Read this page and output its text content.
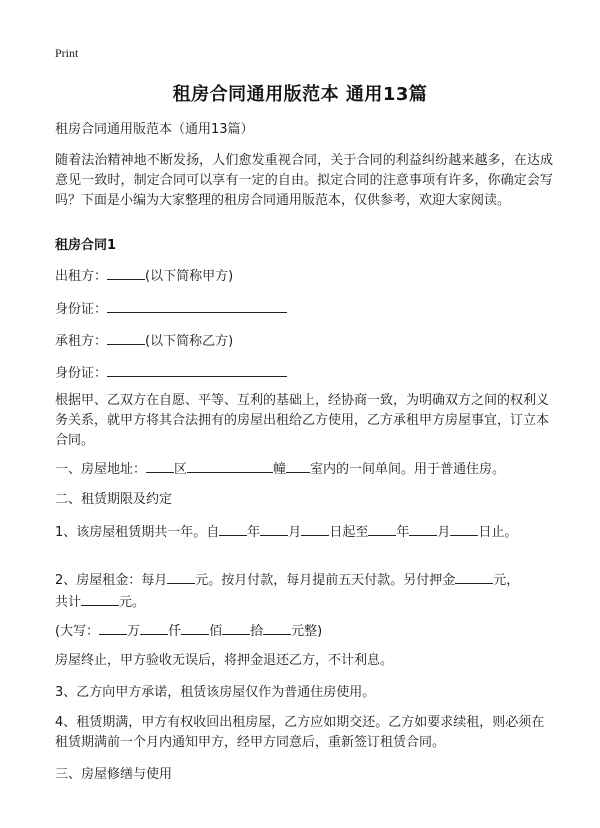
Print
租房合同通用版范本 通用13篇
租房合同通用版范本（通用13篇）
随着法治精神地不断发扬，人们愈发重视合同，关于合同的利益纠纷越来越多，在达成意见一致时，制定合同可以享有一定的自由。拟定合同的注意事项有许多，你确定会写吗？下面是小编为大家整理的租房合同通用版范本，仅供参考，欢迎大家阅读。
租房合同1
出租方：	(以下简称甲方)
身份证：
承租方：	(以下简称乙方)
身份证：
根据甲、乙双方在自愿、平等、互利的基础上，经协商一致，为明确双方之间的权利义务关系，就甲方将其合法拥有的房屋出租给乙方使用，乙方承租甲方房屋事宜，订立本合同。
一、房屋地址： 区	幢 室内的一间单间。用于普通住房。
二、租赁期限及约定
1、该房屋租赁期共一年。自 年 月 日起至 年 月 日止。
2、房屋租金：每月 元。按月付款，每月提前五天付款。另付押金	元，
共计	元。
(大写： 万 仟 佰 拾 元整)
房屋终止，甲方验收无误后，将押金退还乙方，不计利息。
3、乙方向甲方承诺，租赁该房屋仅作为普通住房使用。
4、租赁期满，甲方有权收回出租房屋，乙方应如期交还。乙方如要求续租，则必须在租赁期满前一个月内通知甲方，经甲方同意后，重新签订租赁合同。
三、房屋修缮与使用
